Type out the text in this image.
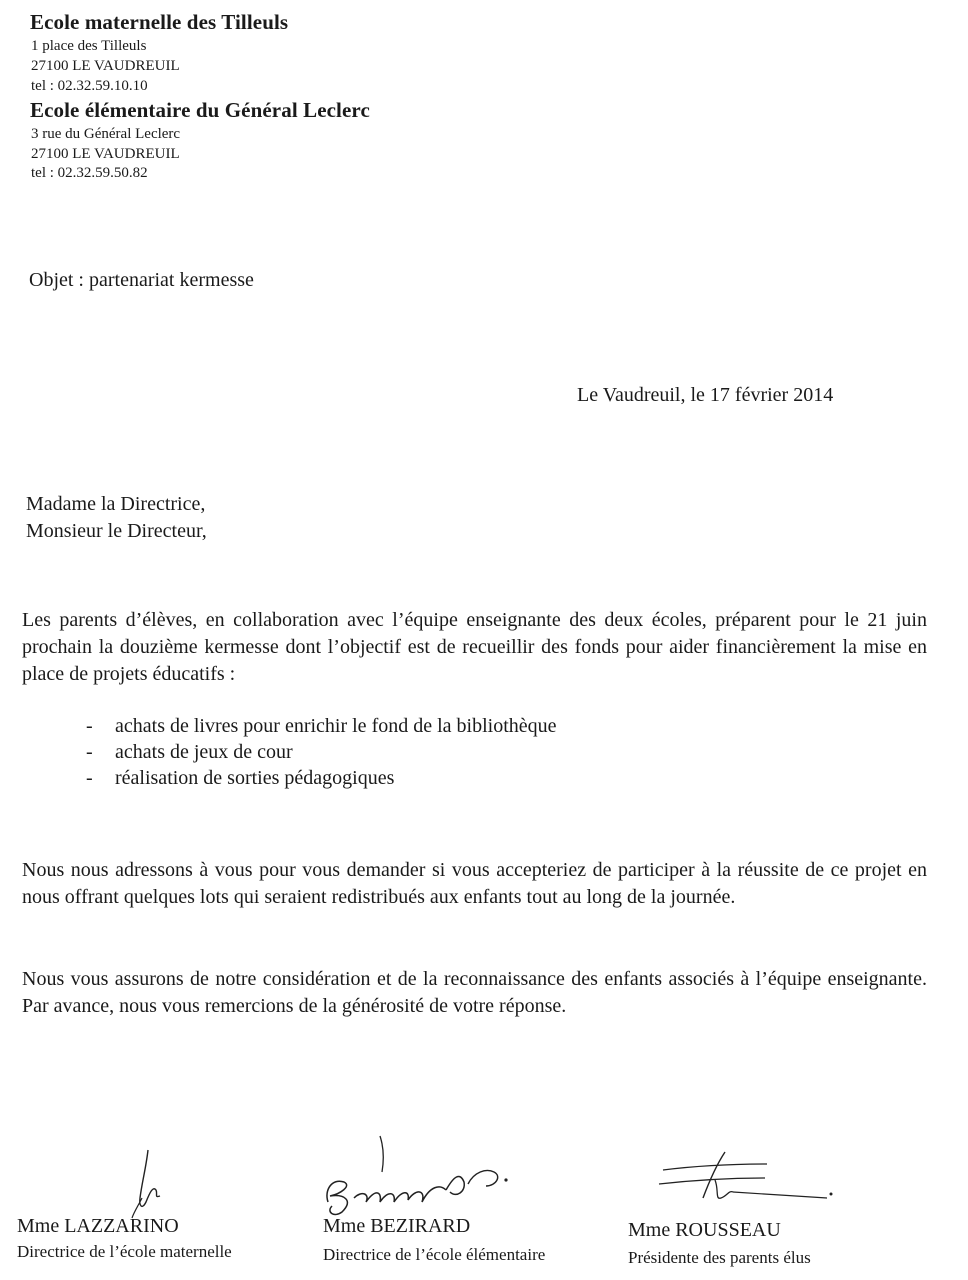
Ecole maternelle des Tilleuls
1 place des Tilleuls
27100 LE VAUDREUIL
tel : 02.32.59.10.10
Ecole élémentaire du Général Leclerc
3 rue du Général Leclerc
27100 LE VAUDREUIL
tel : 02.32.59.50.82
Objet : partenariat kermesse
Le Vaudreuil, le 17 février 2014
Madame la Directrice,
Monsieur le Directeur,
Les parents d’élèves, en collaboration avec l’équipe enseignante des deux écoles, préparent pour le 21 juin prochain la douzième kermesse dont l’objectif est de recueillir des fonds pour aider financièrement la mise en place de projets éducatifs :
- achats de livres pour enrichir le fond de la bibliothèque
- achats de jeux de cour
- réalisation de sorties pédagogiques
Nous nous adressons à vous pour vous demander si vous accepteriez de participer à la réussite de ce projet en nous offrant quelques lots qui seraient redistribués aux enfants tout au long de la journée.
Nous vous assurons de notre considération et de la reconnaissance des enfants associés à l’équipe enseignante. Par avance, nous vous remercions de la générosité de votre réponse.
Mme LAZZARINO
Directrice de l’école maternelle
Mme BEZIRARD
Directrice de l’école élémentaire
Mme ROUSSEAU
Présidente des parents élus
